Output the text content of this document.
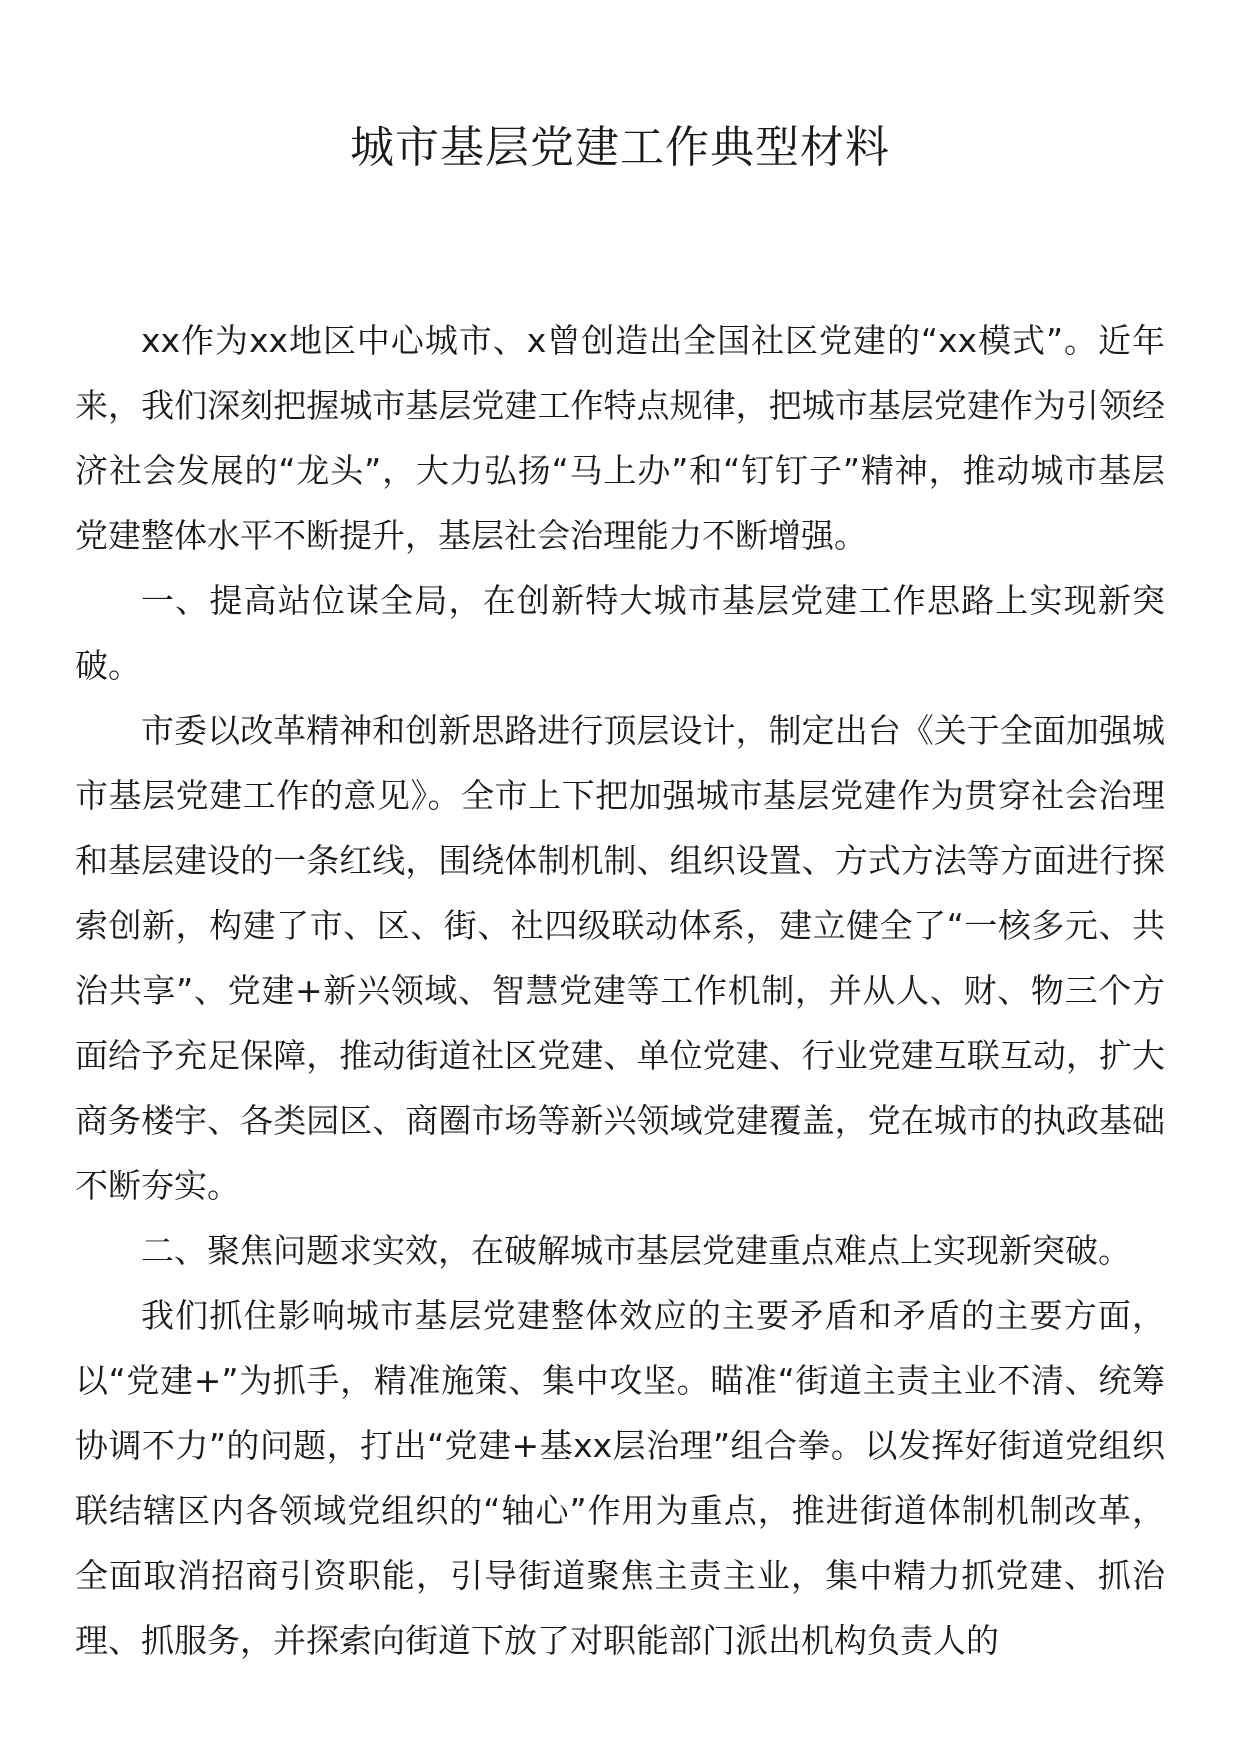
城市基层党建工作典型材料

xx作为xx地区中心城市、x曾创造出全国社区党建的“xx模式”。近年来，我们深刻把握城市基层党建工作特点规律，把城市基层党建作为引领经济社会发展的“龙头”，大力弘扬“马上办”和“钉钉子”精神，推动城市基层党建整体水平不断提升，基层社会治理能力不断增强。

一、提高站位谋全局，在创新特大城市基层党建工作思路上实现新突破。

市委以改革精神和创新思路进行顶层设计，制定出台《关于全面加强城市基层党建工作的意见》。全市上下把加强城市基层党建作为贯穿社会治理和基层建设的一条红线，围绕体制机制、组织设置、方式方法等方面进行探索创新，构建了市、区、街、社四级联动体系，建立健全了“一核多元、共治共享”、党建+新兴领域、智慧党建等工作机制，并从人、财、物三个方面给予充足保障，推动街道社区党建、单位党建、行业党建互联互动，扩大商务楼宇、各类园区、商圈市场等新兴领域党建覆盖，党在城市的执政基础不断夯实。

二、聚焦问题求实效，在破解城市基层党建重点难点上实现新突破。

我们抓住影响城市基层党建整体效应的主要矛盾和矛盾的主要方面，以“党建+”为抓手，精准施策、集中攻坚。瞄准“街道主责主业不清、统筹协调不力”的问题，打出“党建+基xx层治理”组合拳。以发挥好街道党组织联结辖区内各领域党组织的“轴心”作用为重点，推进街道体制机制改革，全面取消招商引资职能，引导街道聚焦主责主业，集中精力抓党建、抓治理、抓服务，并探索向街道下放了对职能部门派出机构负责人的
